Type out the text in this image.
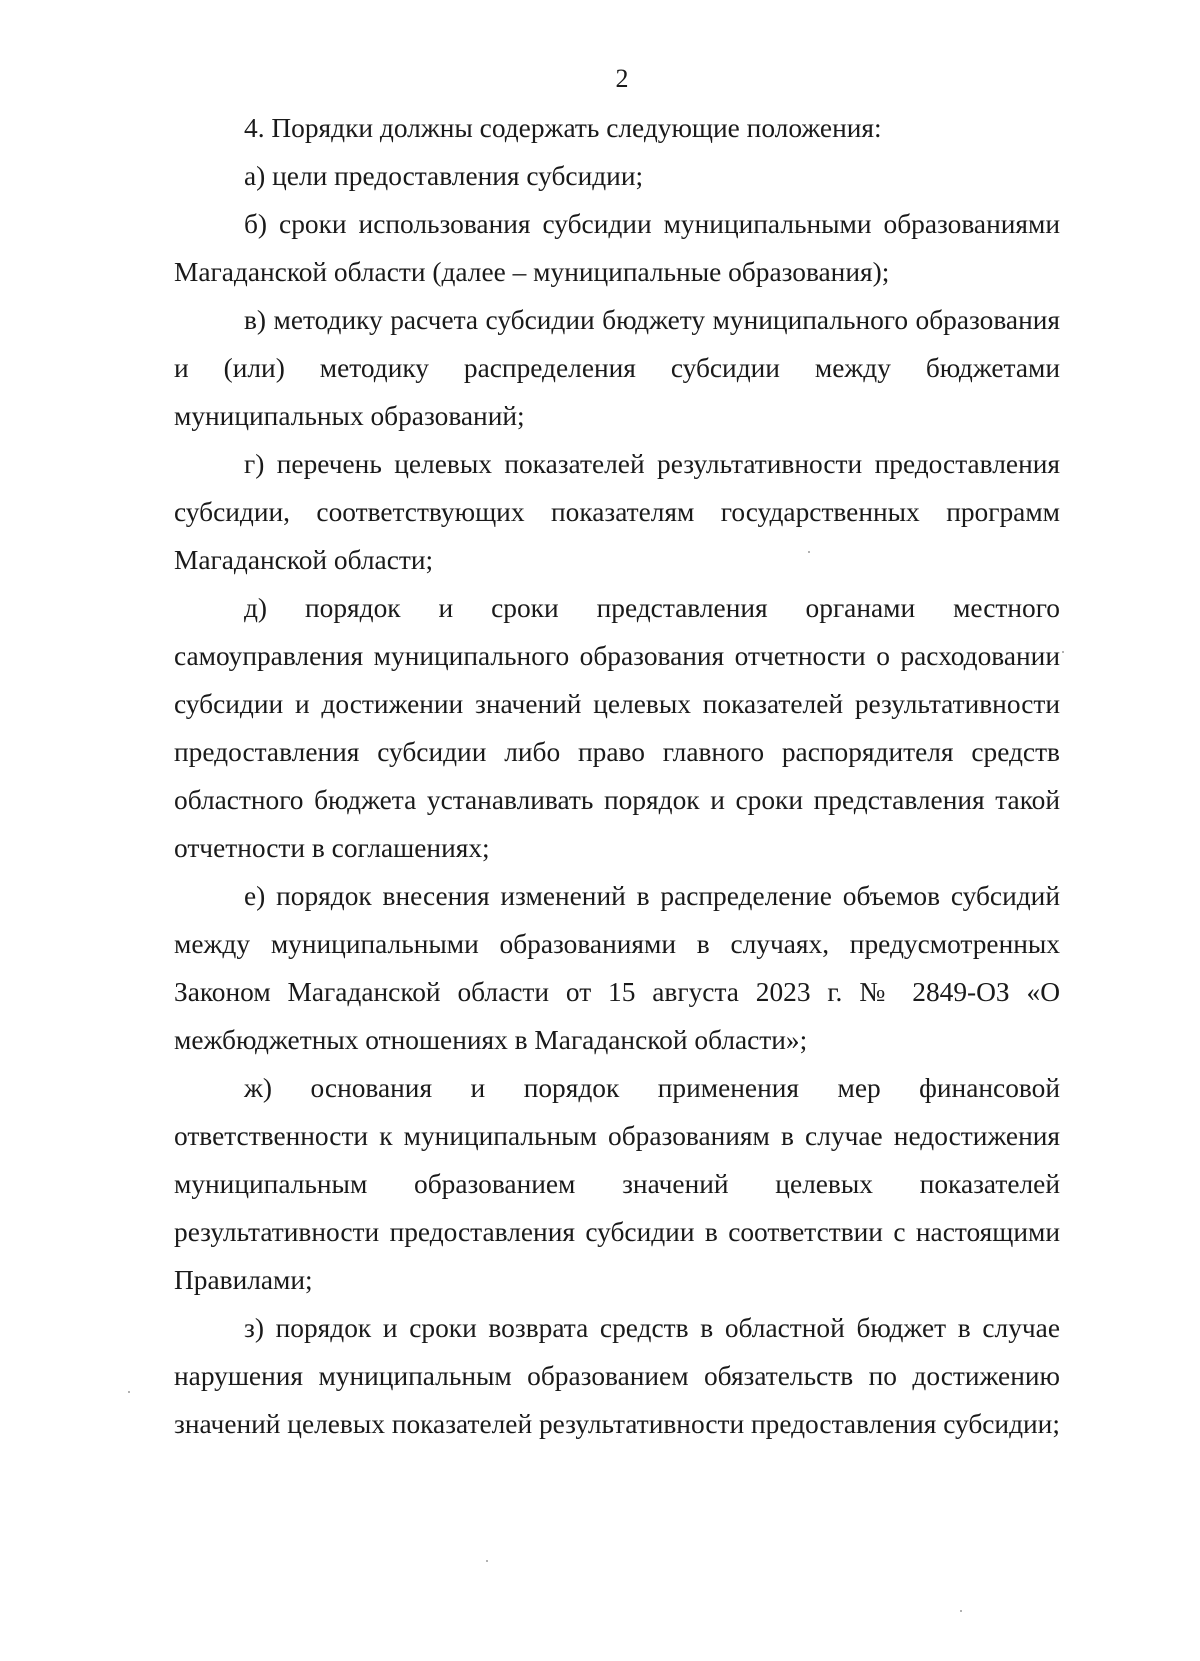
2

4. Порядки должны содержать следующие положения:

а) цели предоставления субсидии;

б) сроки использования субсидии муниципальными образованиями Магаданской области (далее – муниципальные образования);

в) методику расчета субсидии бюджету муниципального образования и (или) методику распределения субсидии между бюджетами муниципальных образований;

г) перечень целевых показателей результативности предоставления субсидии, соответствующих показателям государственных программ Магаданской области;

д) порядок и сроки представления органами местного самоуправления муниципального образования отчетности о расходовании субсидии и достижении значений целевых показателей результативности предоставления субсидии либо право главного распорядителя средств областного бюджета устанавливать порядок и сроки представления такой отчетности в соглашениях;

е) порядок внесения изменений в распределение объемов субсидий между муниципальными образованиями в случаях, предусмотренных Законом Магаданской области от 15 августа 2023 г. № 2849-ОЗ «О межбюджетных отношениях в Магаданской области»;

ж) основания и порядок применения мер финансовой ответственности к муниципальным образованиям в случае недостижения муниципальным образованием значений целевых показателей результативности предоставления субсидии в соответствии с настоящими Правилами;

з) порядок и сроки возврата средств в областной бюджет в случае нарушения муниципальным образованием обязательств по достижению значений целевых показателей результативности предоставления субсидии;
